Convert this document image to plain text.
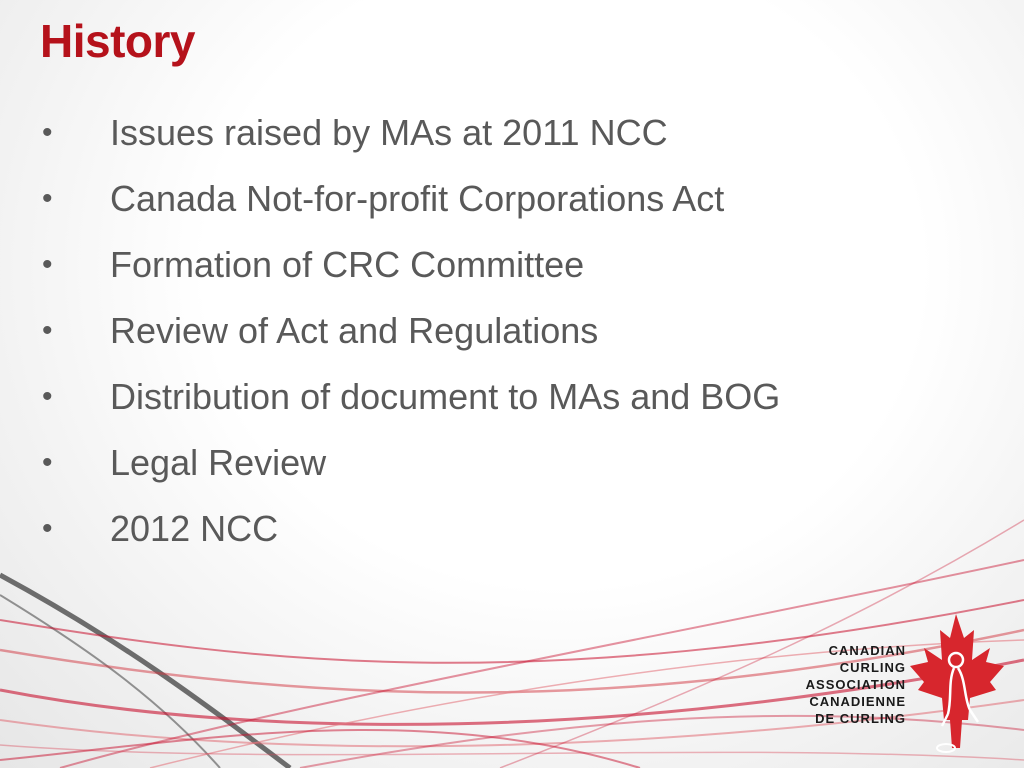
History
•	Issues raised by MAs at 2011 NCC
•	Canada Not-for-profit Corporations Act
•	Formation of CRC Committee
•	Review of Act and Regulations
•	Distribution of document to MAs and BOG
•	Legal Review
•	2012 NCC
CANADIAN
CURLING
ASSOCIATION
CANADIENNE
DE CURLING
